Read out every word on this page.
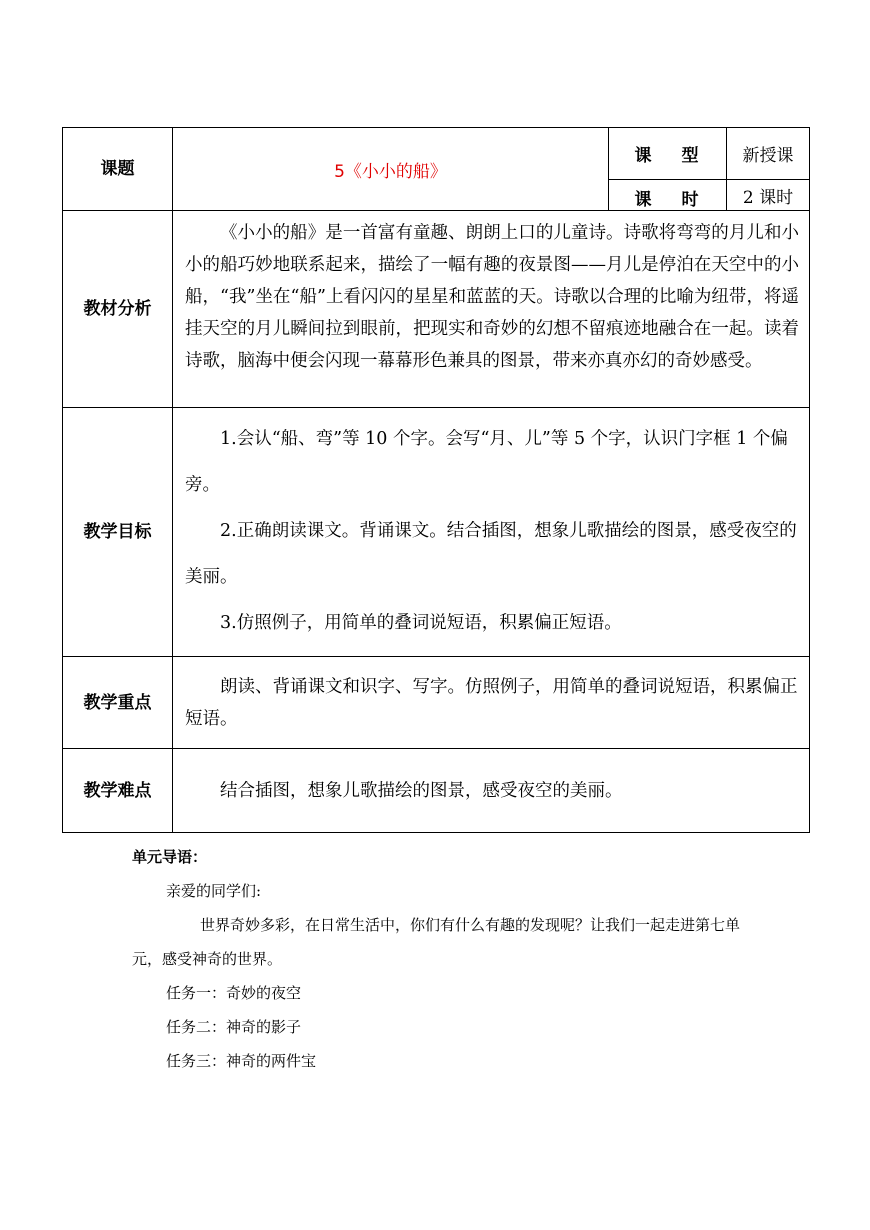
课题	5《小小的船》	课 型	新授课
		课 时	2 课时
教材分析	《小小的船》是一首富有童趣、朗朗上口的儿童诗。诗歌将弯弯的月儿和小小的船巧妙地联系起来，描绘了一幅有趣的夜景图——月儿是停泊在天空中的小船，“我”坐在“船”上看闪闪的星星和蓝蓝的天。诗歌以合理的比喻为纽带，将遥挂天空的月儿瞬间拉到眼前，把现实和奇妙的幻想不留痕迹地融合在一起。读着诗歌，脑海中便会闪现一幕幕形色兼具的图景，带来亦真亦幻的奇妙感受。		

教学目标	1.会认“船、弯”等 10 个字。会写“月、儿”等 5 个字，认识门字框 1 个偏旁。

2.正确朗读课文。背诵课文。结合插图，想象儿歌描绘的图景，感受夜空的美丽。

3.仿照例子，用简单的叠词说短语，积累偏正短语。		

教学重点	朗读、背诵课文和识字、写字。仿照例子，用简单的叠词说短语，积累偏正短语。		

教学难点	结合插图，想象儿歌描绘的图景，感受夜空的美丽。		

单元导语：

亲爱的同学们:

世界奇妙多彩，在日常生活中，你们有什么有趣的发现呢？让我们一起走进第七单元，感受神奇的世界。

任务一：奇妙的夜空

任务二：神奇的影子

任务三：神奇的两件宝
